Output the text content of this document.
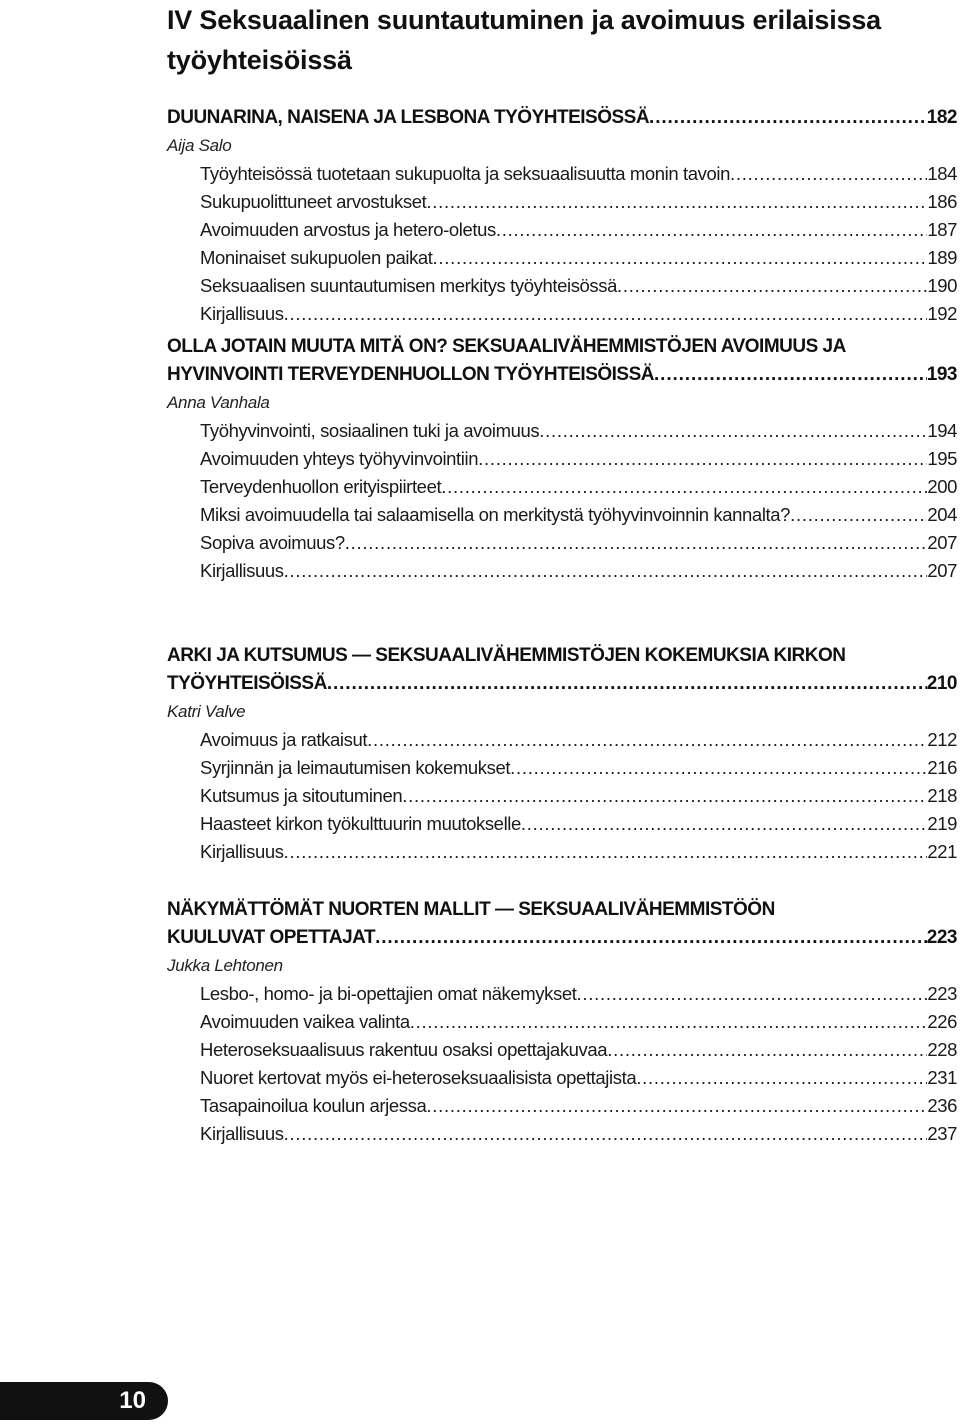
IV Seksuaalinen suuntautuminen ja avoimuus erilaisissa työyhteisöissä
DUUNARINA, NAISENA JA LESBONA TYÖYHTEISÖSSÄ . . .	182
Aija Salo
Työyhteisössä tuotetaan sukupuolta ja seksuaalisuutta monin tavoin . . .	184
Sukupuolittuneet arvostukset . . .	186
Avoimuuden arvostus ja hetero-oletus . . .	187
Moninaiset sukupuolen paikat . . .	189
Seksuaalisen suuntautumisen merkitys työyhteisössä . . .	190
Kirjallisuus . . .	192
OLLA JOTAIN MUUTA MITÄ ON? SEKSUAALIVÄHEMMISTÖJEN AVOIMUUS JA
HYVINVOINTI TERVEYDENHUOLLON TYÖYHTEISÖISSÄ . . .	193
Anna Vanhala
Työhyvinvointi, sosiaalinen tuki ja avoimuus . . .	194
Avoimuuden yhteys työhyvinvointiin . . .	195
Terveydenhuollon erityispiirteet . . .	200
Miksi avoimuudella tai salaamisella on merkitystä työhyvinvoinnin kannalta? . . .	204
Sopiva avoimuus? . . .	207
Kirjallisuus . . .	207
ARKI JA KUTSUMUS — SEKSUAALIVÄHEMMISTÖJEN KOKEMUKSIA KIRKON
TYÖYHTEISÖISSÄ . . .	210
Katri Valve
Avoimuus ja ratkaisut . . .	212
Syrjinnän ja leimautumisen kokemukset . . .	216
Kutsumus ja sitoutuminen . . .	218
Haasteet kirkon työkulttuurin muutokselle . . .	219
Kirjallisuus . . .	221
NÄKYMÄTTÖMÄT NUORTEN MALLIT — SEKSUAALIVÄHEMMISTÖÖN
KUULUVAT OPETTAJAT . . .	223
Jukka Lehtonen
Lesbo-, homo- ja bi-opettajien omat näkemykset . . .	223
Avoimuuden vaikea valinta . . .	226
Heteroseksuaalisuus rakentuu osaksi opettajakuvaa . . .	228
Nuoret kertovat myös ei-heteroseksuaalisista opettajista . . .	231
Tasapainoilua koulun arjessa . . .	236
Kirjallisuus . . .	237
10
